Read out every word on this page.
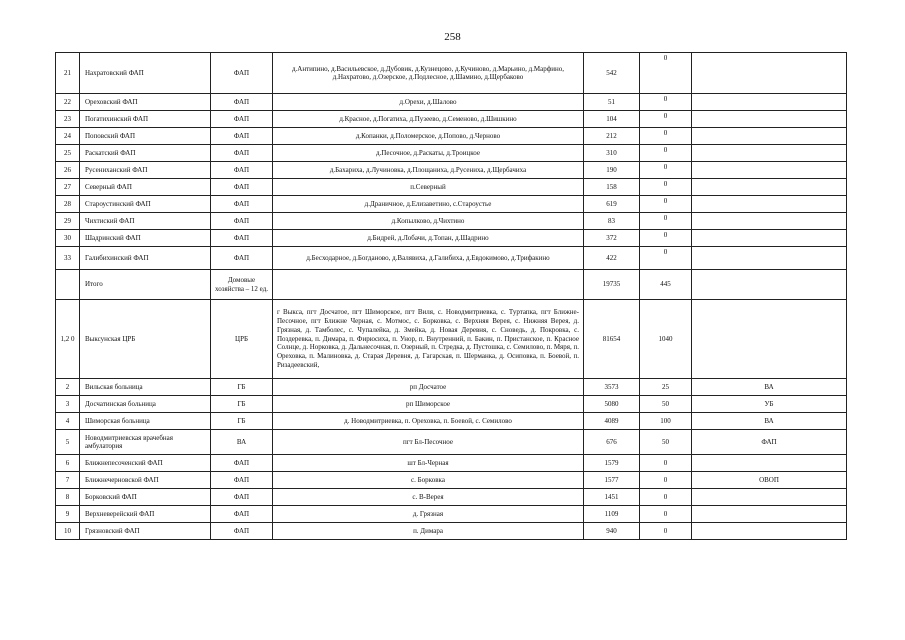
258
21	Нахратовский ФАП	ФАП	д.Антипино, д.Васильевское, д.Дубовик, д.Кузнецово, д.Кучиново, д.Марьино, д.Марфино, д.Нахратово, д.Озерское, д.Подлесное, д.Шамино, д.Щербаково	542	0	
22	Ореховский ФАП	ФАП	д.Орехи, д.Шалово	51	0	
23	Погатихинский ФАП	ФАП	д.Красное, д.Погатиха, д.Пузеево, д.Семеново, д.Шишкино	104	0	
24	Поповский ФАП	ФАП	д.Копанки, д.Поломерское, д.Попово, д.Черново	212	0	
25	Раскатский ФАП	ФАП	д.Песочное, д.Раскаты, д.Троицкое	310	0	
26	Русениханский ФАП	ФАП	д.Бахариха, д.Лучиновка, д.Площаниха, д.Русениха, д.Щербачиха	190	0	
27	Северный ФАП	ФАП	п.Северный	158	0	
28	Староустинский ФАП	ФАП	д.Драничное, д.Елизаветино, с.Староустье	619	0	
29	Чихтиский ФАП	ФАП	д.Копылково, д.Чихтино	83	0	
30	Шадринский ФАП	ФАП	д.Бидрей, д.Лобачи, д.Топан, д.Шадрино	372	0	
33	Галибихинский ФАП	ФАП	д.Бесходарное, д.Богданово, д.Валявиха, д.Галибиха, д.Евдокимово, д.Трифакино	422	0	
	Итого	Домовые хозяйства – 12 ед.		19735	445	
1,2 0	Выксунская ЦРБ	ЦРБ	г Выкса, пгт Досчатое, пгт Шиморское, пгт Виля, с. Новодмитриевка, с. Туртапка, пгт Ближне-Песочное, пгт Ближне Черная, с. Мотмос, с. Борковка, с. Верхняя Верея, с. Нижняя Верея, д. Грязная, д. Тамболес, с. Чупалейка, д. Змейка, д. Новая Деревня, с. Сноведь, д. Покровка, с. Поздеревка, п. Димара, п. Фирюсиха, п. Унор, п. Внутренний, п. Бакин, п. Пристанское, п. Красное Солнце, д. Норковка, д. Дальнесочная, п. Озерный, п. Стредка, д. Пустошка, с. Семилово, п. Мяря, п. Ореховка, п. Малиновка, д. Старая Деревня, д. Гагарская, п. Шерманка, д. Осиповка, п. Боевой, п. Ризадеевский,	81654	1040	
2	Вильская больница	ГБ	рп Досчатое	3573	25	ВА
3	Досчатинская больница	ГБ	рп Шиморское	5080	50	УБ
4	Шиморская больница	ГБ	д. Новодмитриевка, п. Ореховка, п. Боевой, с. Семилово	4089	100	ВА
5	Новодмитриевская врачебная амбулатория	ВА	пгт Бл-Песочное	676	50	ФАП
6	Ближнепесоченский ФАП	ФАП	шт Бл-Черная	1579	0	
7	Ближнечерновской ФАП	ФАП	с. Борковка	1577	0	ОВОП
8	Борковский ФАП	ФАП	с. В-Верея	1451	0	
9	Верхневерейский ФАП	ФАП	д. Грязная	1109	0	
10	Грязновский ФАП	ФАП	п. Димара	940	0	
